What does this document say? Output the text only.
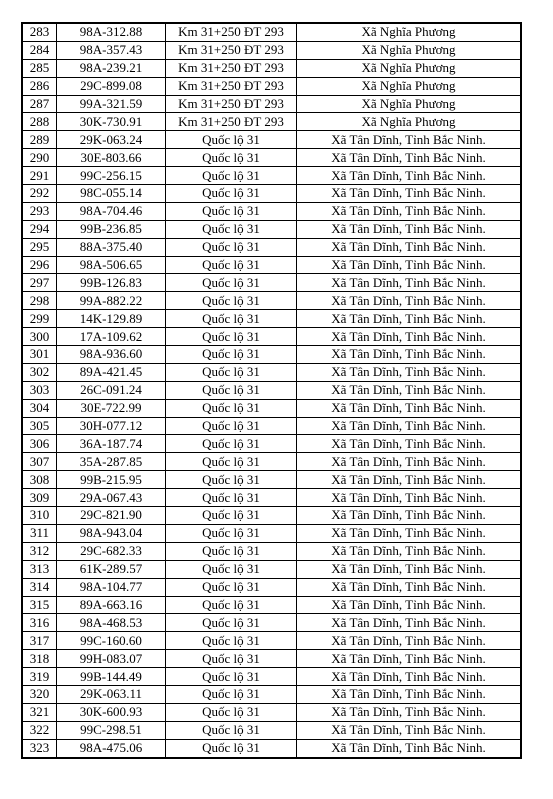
283	98A-312.88	Km 31+250 ĐT 293	Xã Nghĩa Phương
284	98A-357.43	Km 31+250 ĐT 293	Xã Nghĩa Phương
285	98A-239.21	Km 31+250 ĐT 293	Xã Nghĩa Phương
286	29C-899.08	Km 31+250 ĐT 293	Xã Nghĩa Phương
287	99A-321.59	Km 31+250 ĐT 293	Xã Nghĩa Phương
288	30K-730.91	Km 31+250 ĐT 293	Xã Nghĩa Phương
289	29K-063.24	Quốc lộ 31	Xã Tân Dĩnh, Tỉnh Bắc Ninh.
290	30E-803.66	Quốc lộ 31	Xã Tân Dĩnh, Tỉnh Bắc Ninh.
291	99C-256.15	Quốc lộ 31	Xã Tân Dĩnh, Tỉnh Bắc Ninh.
292	98C-055.14	Quốc lộ 31	Xã Tân Dĩnh, Tỉnh Bắc Ninh.
293	98A-704.46	Quốc lộ 31	Xã Tân Dĩnh, Tỉnh Bắc Ninh.
294	99B-236.85	Quốc lộ 31	Xã Tân Dĩnh, Tỉnh Bắc Ninh.
295	88A-375.40	Quốc lộ 31	Xã Tân Dĩnh, Tỉnh Bắc Ninh.
296	98A-506.65	Quốc lộ 31	Xã Tân Dĩnh, Tỉnh Bắc Ninh.
297	99B-126.83	Quốc lộ 31	Xã Tân Dĩnh, Tỉnh Bắc Ninh.
298	99A-882.22	Quốc lộ 31	Xã Tân Dĩnh, Tỉnh Bắc Ninh.
299	14K-129.89	Quốc lộ 31	Xã Tân Dĩnh, Tỉnh Bắc Ninh.
300	17A-109.62	Quốc lộ 31	Xã Tân Dĩnh, Tỉnh Bắc Ninh.
301	98A-936.60	Quốc lộ 31	Xã Tân Dĩnh, Tỉnh Bắc Ninh.
302	89A-421.45	Quốc lộ 31	Xã Tân Dĩnh, Tỉnh Bắc Ninh.
303	26C-091.24	Quốc lộ 31	Xã Tân Dĩnh, Tỉnh Bắc Ninh.
304	30E-722.99	Quốc lộ 31	Xã Tân Dĩnh, Tỉnh Bắc Ninh.
305	30H-077.12	Quốc lộ 31	Xã Tân Dĩnh, Tỉnh Bắc Ninh.
306	36A-187.74	Quốc lộ 31	Xã Tân Dĩnh, Tỉnh Bắc Ninh.
307	35A-287.85	Quốc lộ 31	Xã Tân Dĩnh, Tỉnh Bắc Ninh.
308	99B-215.95	Quốc lộ 31	Xã Tân Dĩnh, Tỉnh Bắc Ninh.
309	29A-067.43	Quốc lộ 31	Xã Tân Dĩnh, Tỉnh Bắc Ninh.
310	29C-821.90	Quốc lộ 31	Xã Tân Dĩnh, Tỉnh Bắc Ninh.
311	98A-943.04	Quốc lộ 31	Xã Tân Dĩnh, Tỉnh Bắc Ninh.
312	29C-682.33	Quốc lộ 31	Xã Tân Dĩnh, Tỉnh Bắc Ninh.
313	61K-289.57	Quốc lộ 31	Xã Tân Dĩnh, Tỉnh Bắc Ninh.
314	98A-104.77	Quốc lộ 31	Xã Tân Dĩnh, Tỉnh Bắc Ninh.
315	89A-663.16	Quốc lộ 31	Xã Tân Dĩnh, Tỉnh Bắc Ninh.
316	98A-468.53	Quốc lộ 31	Xã Tân Dĩnh, Tỉnh Bắc Ninh.
317	99C-160.60	Quốc lộ 31	Xã Tân Dĩnh, Tỉnh Bắc Ninh.
318	99H-083.07	Quốc lộ 31	Xã Tân Dĩnh, Tỉnh Bắc Ninh.
319	99B-144.49	Quốc lộ 31	Xã Tân Dĩnh, Tỉnh Bắc Ninh.
320	29K-063.11	Quốc lộ 31	Xã Tân Dĩnh, Tỉnh Bắc Ninh.
321	30K-600.93	Quốc lộ 31	Xã Tân Dĩnh, Tỉnh Bắc Ninh.
322	99C-298.51	Quốc lộ 31	Xã Tân Dĩnh, Tỉnh Bắc Ninh.
323	98A-475.06	Quốc lộ 31	Xã Tân Dĩnh, Tỉnh Bắc Ninh.
